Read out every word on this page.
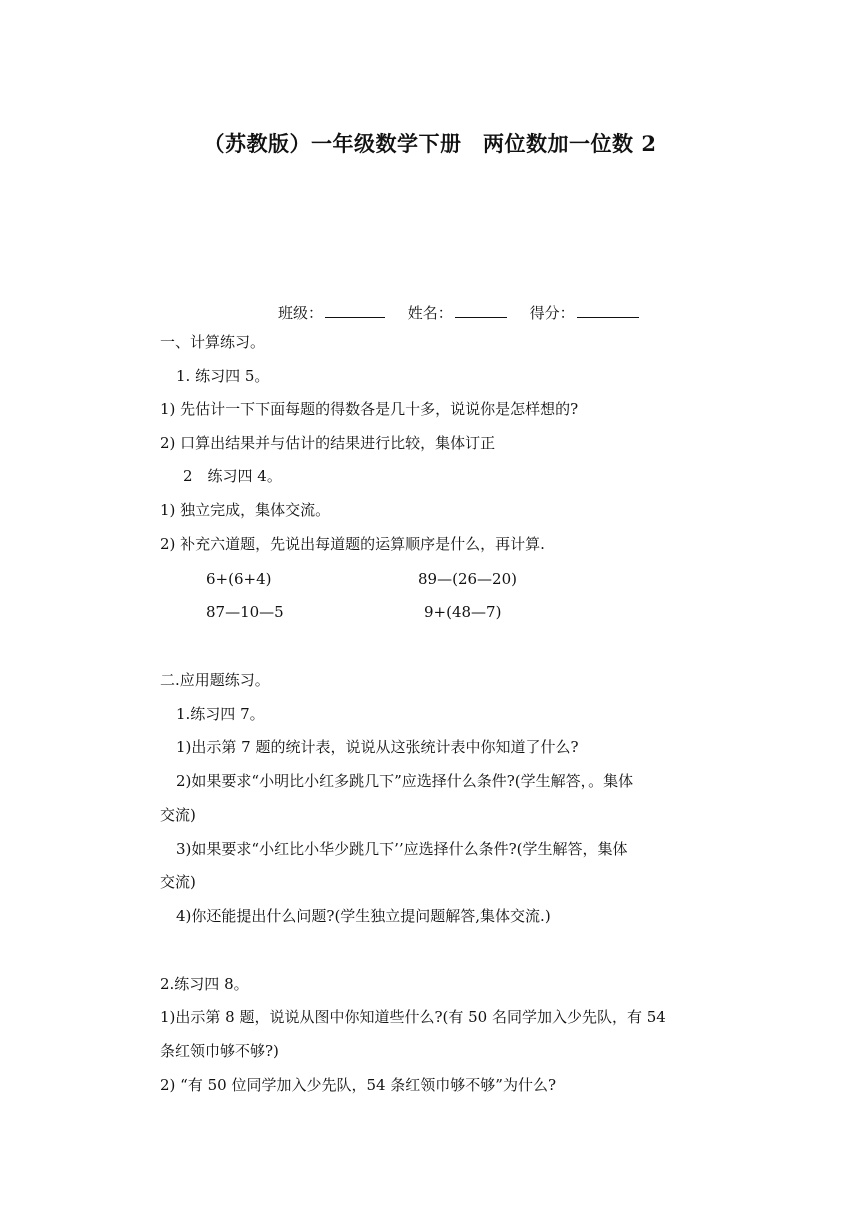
（苏教版）一年级数学下册　两位数加一位数 2
班级：	姓名：	得分：
一、计算练习。
1. 练习四 5。
1) 先估计一下下面每题的得数各是几十多，说说你是怎样想的?
2) 口算出结果并与估计的结果进行比较，集体订正
2　练习四 4。
1) 独立完成，集体交流。
2) 补充六道题，先说出每道题的运算顺序是什么，再计算.
6+(6+4)	89—(26—20)
87—10—5	9+(48—7)
二.应用题练习。
1.练习四 7。
1)出示第 7 题的统计表，说说从这张统计表中你知道了什么?
2)如果要求“小明比小红多跳几下”应选择什么条件?(学生解答，。集体
交流)
3)如果要求“小红比小华少跳几下’’应选择什么条件?(学生解答，集体
交流)
4)你还能提出什么问题?(学生独立提问题解答,集体交流.)
2.练习四 8。
1)出示第 8 题，说说从图中你知道些什么?(有 50 名同学加入少先队，有 54
条红领巾够不够?)
2) “有 50 位同学加入少先队，54 条红领巾够不够”为什么?
